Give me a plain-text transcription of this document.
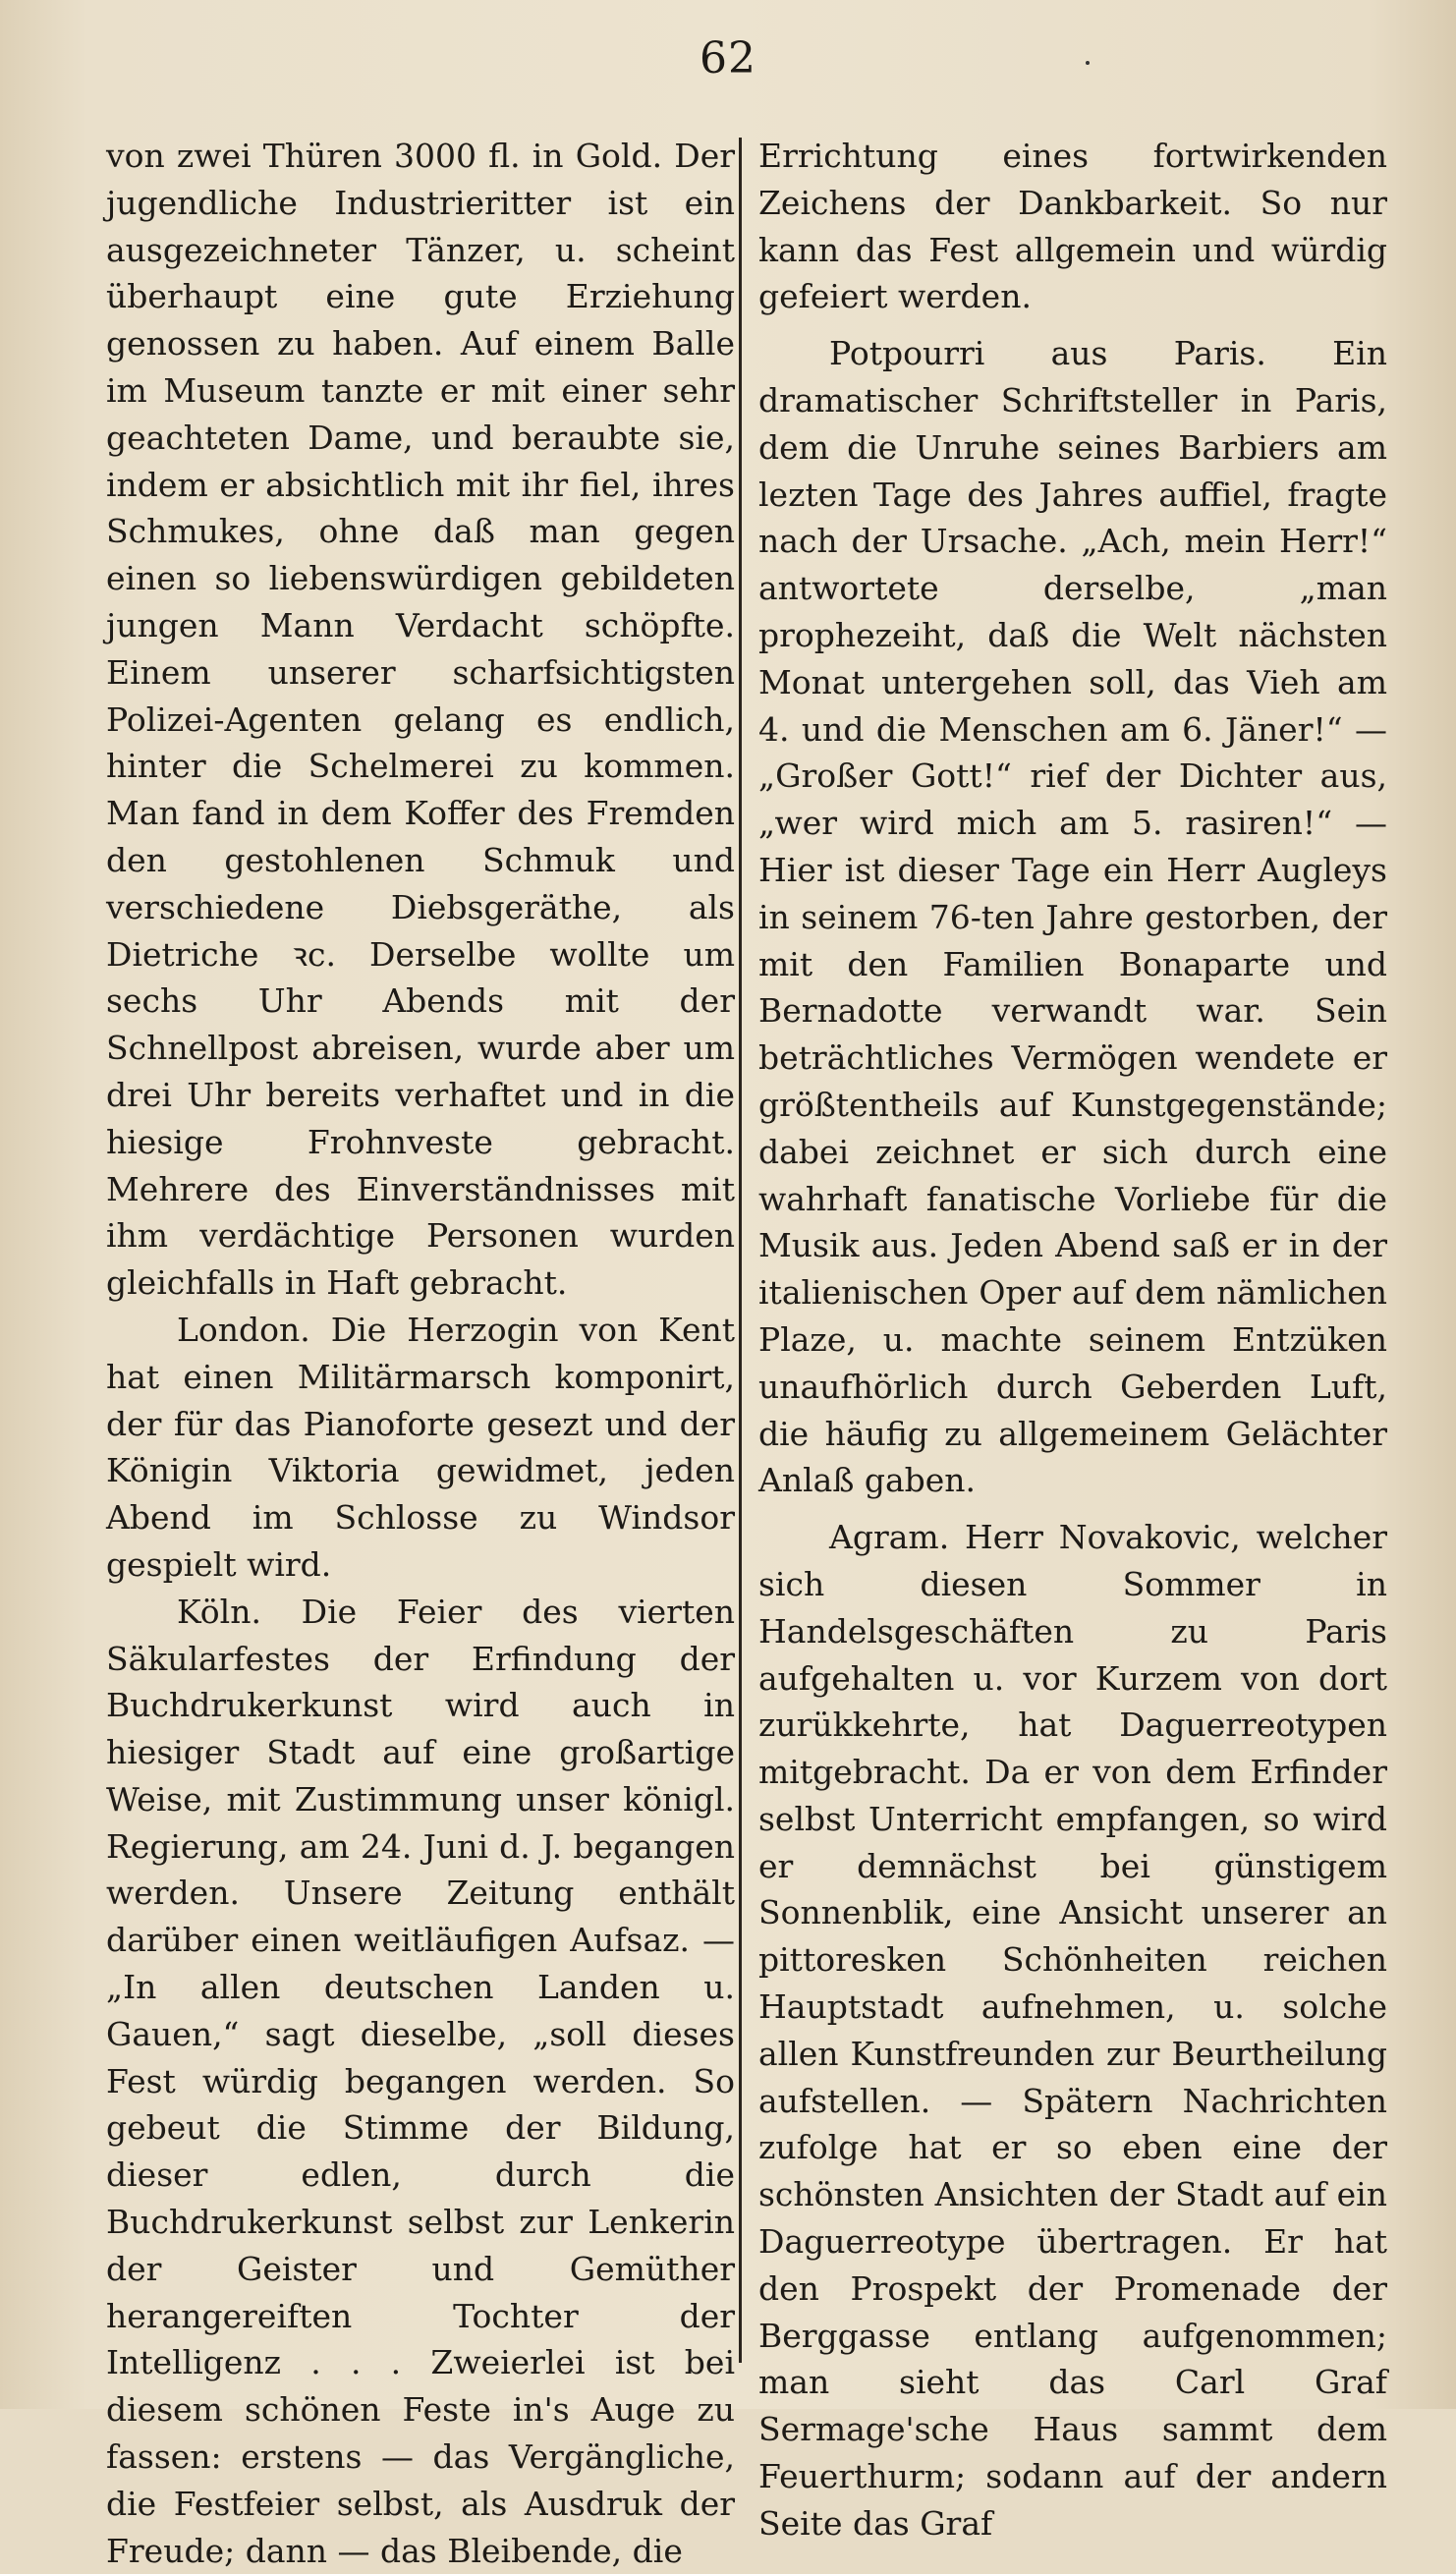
62

von zwei Thüren 3000 fl. in Gold. Der jugendliche Industrieritter ist ein ausgezeichneter Tänzer, u. scheint überhaupt eine gute Erziehung genossen zu haben. Auf einem Balle im Museum tanzte er mit einer sehr geachteten Dame, und beraubte sie, indem er absichtlich mit ihr fiel, ihres Schmukes, ohne daß man gegen einen so liebenswürdigen gebildeten jungen Mann Verdacht schöpfte. Einem unserer scharfsichtigsten Polizei-Agenten gelang es endlich, hinter die Schelmerei zu kommen. Man fand in dem Koffer des Fremden den gestohlenen Schmuk und verschiedene Diebsgeräthe, als Dietriche ꝛc. Derselbe wollte um sechs Uhr Abends mit der Schnellpost abreisen, wurde aber um drei Uhr bereits verhaftet und in die hiesige Frohnveste gebracht. Mehrere des Einverständnisses mit ihm verdächtige Personen wurden gleichfalls in Haft gebracht.

London. Die Herzogin von Kent hat einen Militärmarsch komponirt, der für das Pianoforte gesezt und der Königin Viktoria gewidmet, jeden Abend im Schlosse zu Windsor gespielt wird.

Köln. Die Feier des vierten Säkularfestes der Erfindung der Buchdrukerkunst wird auch in hiesiger Stadt auf eine großartige Weise, mit Zustimmung unser königl. Regierung, am 24. Juni d. J. begangen werden. Unsere Zeitung enthält darüber einen weitläufigen Aufsaz. — „In allen deutschen Landen u. Gauen,“ sagt dieselbe, „soll dieses Fest würdig begangen werden. So gebeut die Stimme der Bildung, dieser edlen, durch die Buchdrukerkunst selbst zur Lenkerin der Geister und Gemüther herangereiften Tochter der Intelligenz . . . Zweierlei ist bei diesem schönen Feste in's Auge zu fassen: erstens — das Vergängliche, die Festfeier selbst, als Ausdruk der Freude; dann — das Bleibende, die

Errichtung eines fortwirkenden Zeichens der Dankbarkeit. So nur kann das Fest allgemein und würdig gefeiert werden.

Potpourri aus Paris. Ein dramatischer Schriftsteller in Paris, dem die Unruhe seines Barbiers am lezten Tage des Jahres auffiel, fragte nach der Ursache. „Ach, mein Herr!“ antwortete derselbe, „man prophezeiht, daß die Welt nächsten Monat untergehen soll, das Vieh am 4. und die Menschen am 6. Jäner!“ — „Großer Gott!“ rief der Dichter aus, „wer wird mich am 5. rasiren!“ — Hier ist dieser Tage ein Herr Augleys in seinem 76-ten Jahre gestorben, der mit den Familien Bonaparte und Bernadotte verwandt war. Sein beträchtliches Vermögen wendete er größtentheils auf Kunstgegenstände; dabei zeichnet er sich durch eine wahrhaft fanatische Vorliebe für die Musik aus. Jeden Abend saß er in der italienischen Oper auf dem nämlichen Plaze, u. machte seinem Entzüken unaufhörlich durch Geberden Luft, die häufig zu allgemeinem Gelächter Anlaß gaben.

Agram. Herr Novakovic, welcher sich diesen Sommer in Handelsgeschäften zu Paris aufgehalten u. vor Kurzem von dort zurükkehrte, hat Daguerreotypen mitgebracht. Da er von dem Erfinder selbst Unterricht empfangen, so wird er demnächst bei günstigem Sonnenblik, eine Ansicht unserer an pittoresken Schönheiten reichen Hauptstadt aufnehmen, u. solche allen Kunstfreunden zur Beurtheilung aufstellen. — Spätern Nachrichten zufolge hat er so eben eine der schönsten Ansichten der Stadt auf ein Daguerreotype übertragen. Er hat den Prospekt der Promenade der Berggasse entlang aufgenommen; man sieht das Carl Graf Sermage'sche Haus sammt dem Feuerthurm; sodann auf der andern Seite das Graf
